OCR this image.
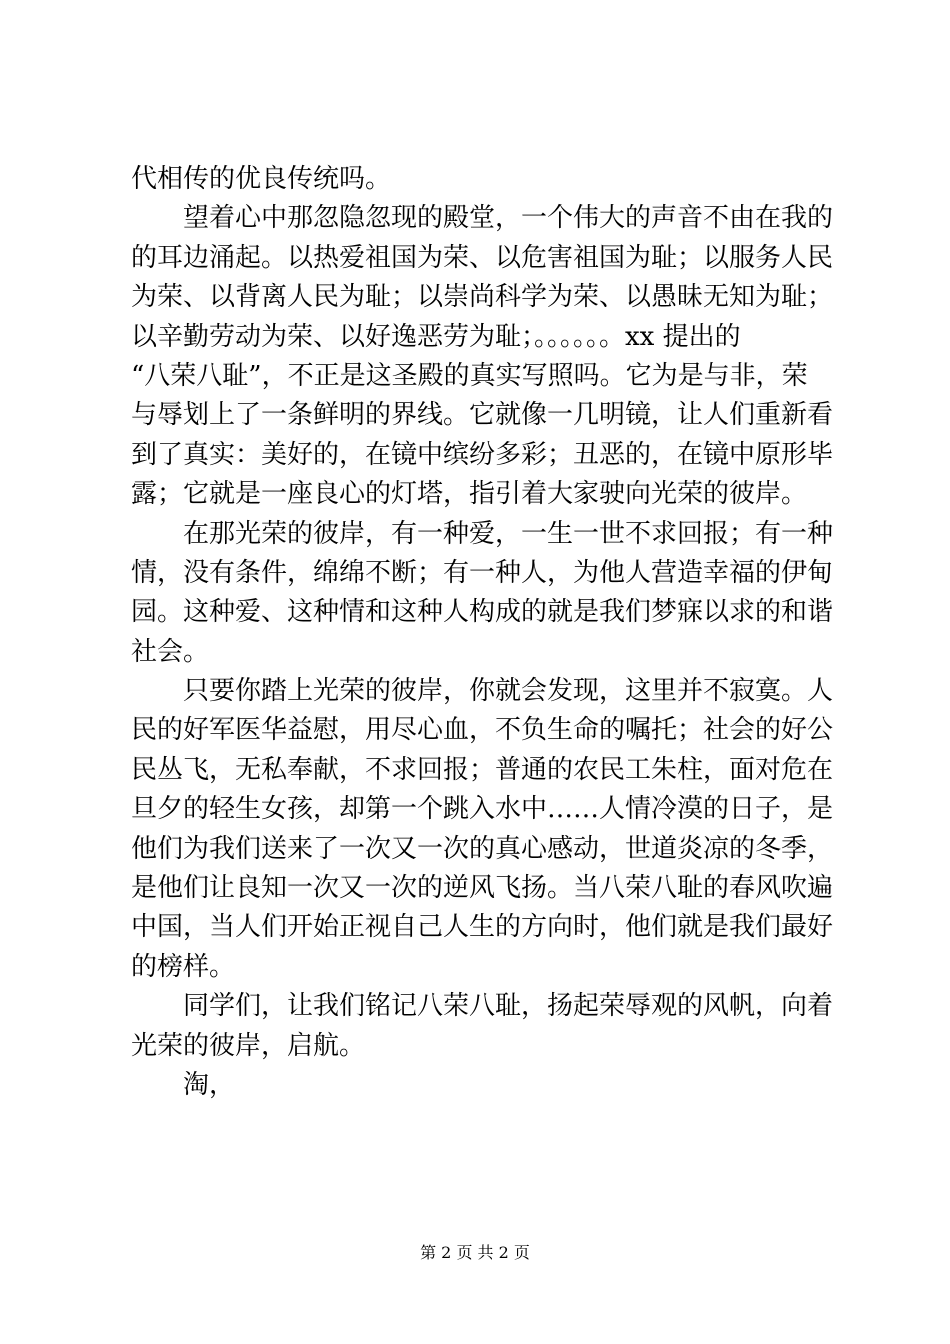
代相传的优良传统吗。
望着心中那忽隐忽现的殿堂，一个伟大的声音不由在我的
的耳边涌起。以热爱祖国为荣、以危害祖国为耻；以服务人民
为荣、以背离人民为耻；以崇尚科学为荣、以愚昧无知为耻；
以辛勤劳动为荣、以好逸恶劳为耻；。。。。。。xx 提出的
“八荣八耻”，不正是这圣殿的真实写照吗。它为是与非，荣
与辱划上了一条鲜明的界线。它就像一几明镜，让人们重新看
到了真实：美好的，在镜中缤纷多彩；丑恶的，在镜中原形毕
露；它就是一座良心的灯塔，指引着大家驶向光荣的彼岸。
在那光荣的彼岸，有一种爱，一生一世不求回报；有一种
情，没有条件，绵绵不断；有一种人，为他人营造幸福的伊甸
园。这种爱、这种情和这种人构成的就是我们梦寐以求的和谐
社会。
只要你踏上光荣的彼岸，你就会发现，这里并不寂寞。人
民的好军医华益慰，用尽心血，不负生命的嘱托；社会的好公
民丛飞，无私奉献，不求回报；普通的农民工朱柱，面对危在
旦夕的轻生女孩，却第一个跳入水中……人情冷漠的日子，是
他们为我们送来了一次又一次的真心感动，世道炎凉的冬季，
是他们让良知一次又一次的逆风飞扬。当八荣八耻的春风吹遍
中国，当人们开始正视自己人生的方向时，他们就是我们最好
的榜样。
同学们，让我们铭记八荣八耻，扬起荣辱观的风帆，向着
光荣的彼岸，启航。
淘，
第 2 页 共 2 页
